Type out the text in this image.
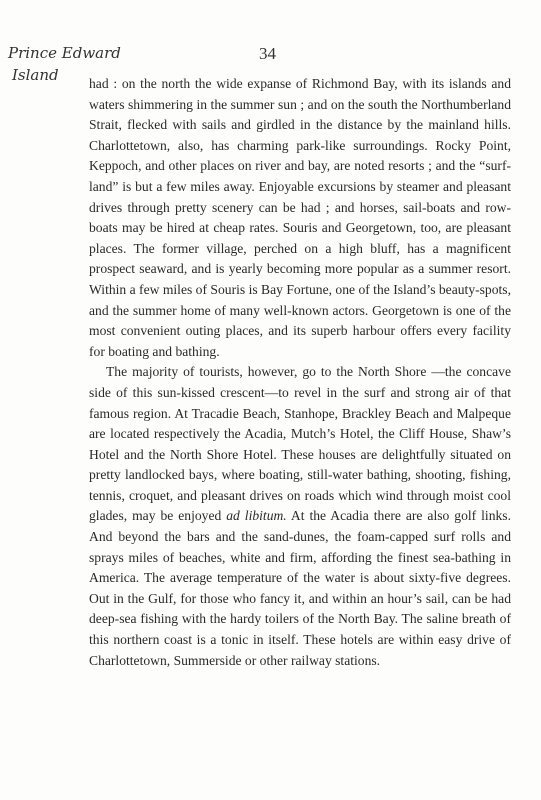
Prince Edward
Island
34

had : on the north the wide expanse of Richmond Bay, with its islands and waters shimmering in the summer sun ; and on the south the Northumberland Strait, flecked with sails and girdled in the distance by the mainland hills. Charlottetown, also, has charming park-like surroundings. Rocky Point, Keppoch, and other places on river and bay, are noted resorts ; and the “surf-land” is but a few miles away. Enjoyable excursions by steamer and pleasant drives through pretty scenery can be had ; and horses, sail-boats and row-boats may be hired at cheap rates. Souris and Georgetown, too, are pleasant places. The former village, perched on a high bluff, has a magnificent prospect seaward, and is yearly becoming more popular as a summer resort. Within a few miles of Souris is Bay Fortune, one of the Island’s beauty-spots, and the summer home of many well-known actors. Georgetown is one of the most convenient outing places, and its superb harbour offers every facility for boating and bathing.

The majority of tourists, however, go to the North Shore —the concave side of this sun-kissed crescent—to revel in the surf and strong air of that famous region. At Tracadie Beach, Stanhope, Brackley Beach and Malpeque are located respectively the Acadia, Mutch’s Hotel, the Cliff House, Shaw’s Hotel and the North Shore Hotel. These houses are delightfully situated on pretty landlocked bays, where boating, still-water bathing, shooting, fishing, tennis, croquet, and pleasant drives on roads which wind through moist cool glades, may be enjoyed ad libitum. At the Acadia there are also golf links. And beyond the bars and the sand-dunes, the foam-capped surf rolls and sprays miles of beaches, white and firm, affording the finest sea-bathing in America. The average temperature of the water is about sixty-five degrees. Out in the Gulf, for those who fancy it, and within an hour’s sail, can be had deep-sea fishing with the hardy toilers of the North Bay. The saline breath of this northern coast is a tonic in itself. These hotels are within easy drive of Charlottetown, Summerside or other railway stations.
